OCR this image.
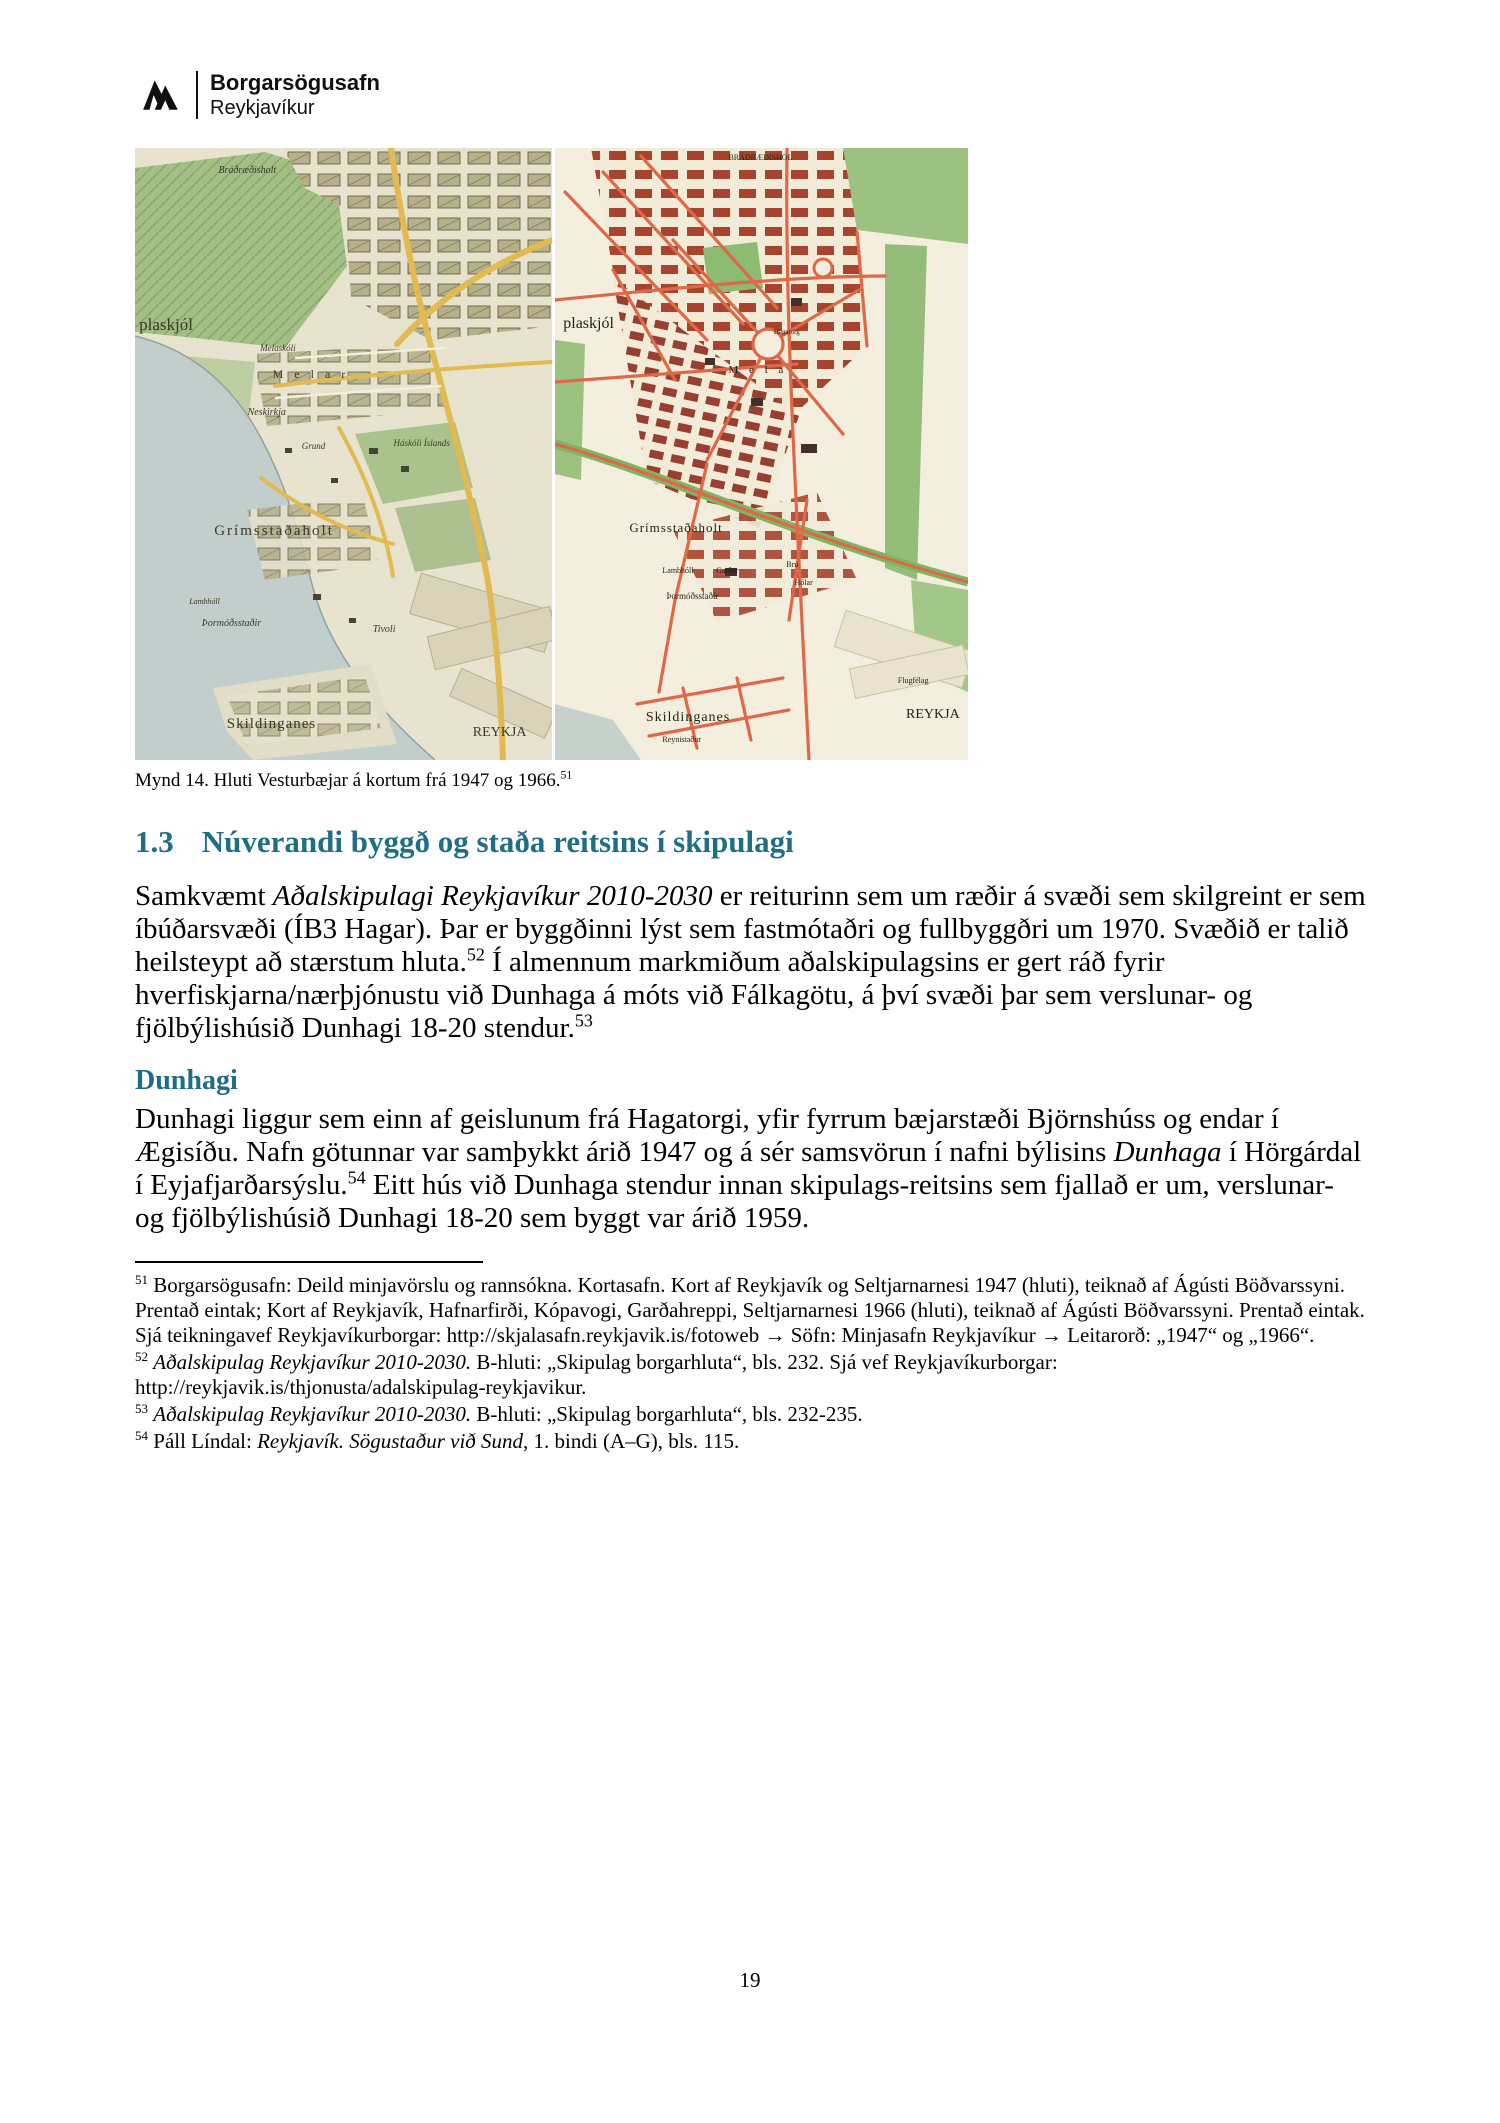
Borgarsögusafn
Reykjavíkur
Bráðræðisholt
plaskjól
Melaskóli
M e l a r
Neskirkja
Grund	Háskóli Íslands
Grímsstaðaholt
Lambhóll
Þormóðsstaðir
Tivoli
Skildinganes
REYKJA
BRÁÐRÆÐISHOL
plaskjól
M e l a
Hagatorg
Grímsstaðaholt
Lambhóll	Garðar
Brú
Hólar
Þormóðsstaðir
Skildinganes
Reynistaður
Flugfélag
REYKJA
Mynd 14. Hluti Vesturbæjar á kortum frá 1947 og 1966.51
1.3 Núverandi byggð og staða reitsins í skipulagi

Samkvæmt Aðalskipulagi Reykjavíkur 2010-2030 er reiturinn sem um ræðir á svæði sem skilgreint er sem íbúðarsvæði (ÍB3 Hagar). Þar er byggðinni lýst sem fastmótaðri og fullbyggðri um 1970. Svæðið er talið heilsteypt að stærstum hluta.$^{52}$ Í almennum markmiðum aðalskipulagsins er gert ráð fyrir hverfiskjarna/nærþjónustu við Dunhaga á móts við Fálkagötu, á því svæði þar sem verslunar- og fjölbýlishúsið Dunhagi 18-20 stendur.$^{53}$

Dunhagi

Dunhagi liggur sem einn af geislunum frá Hagatorgi, yfir fyrrum bæjarstæði Björnshúss og endar í Ægisíðu. Nafn götunnar var samþykkt árið 1947 og á sér samsvörun í nafni býlisins Dunhaga í Hörgárdal í Eyjafjarðarsýslu.$^{54}$ Eitt hús við Dunhaga stendur innan skipulags-reitsins sem fjallað er um, verslunar- og fjölbýlishúsið Dunhagi 18-20 sem byggt var árið 1959.

$^{51}$ Borgarsögusafn: Deild minjavörslu og rannsókna. Kortasafn. Kort af Reykjavík og Seltjarnarnesi 1947 (hluti), teiknað af Ágústi Böðvarssyni. Prentað eintak; Kort af Reykjavík, Hafnarfirði, Kópavogi, Garðahreppi, Seltjarnarnesi 1966 (hluti), teiknað af Ágústi Böðvarssyni. Prentað eintak. Sjá teikningavef Reykjavíkurborgar: http://skjalasafn.reykjavik.is/fotoweb → Söfn: Minjasafn Reykjavíkur → Leitarorð: „1947“ og „1966“.

$^{52}$ Aðalskipulag Reykjavíkur 2010-2030. B-hluti: „Skipulag borgarhluta“, bls. 232. Sjá vef Reykjavíkurborgar: http://reykjavik.is/thjonusta/adalskipulag-reykjavikur.

$^{53}$ Aðalskipulag Reykjavíkur 2010-2030. B-hluti: „Skipulag borgarhluta“, bls. 232-235.

$^{54}$ Páll Líndal: Reykjavík. Sögustaður við Sund, 1. bindi (A–G), bls. 115.

19
